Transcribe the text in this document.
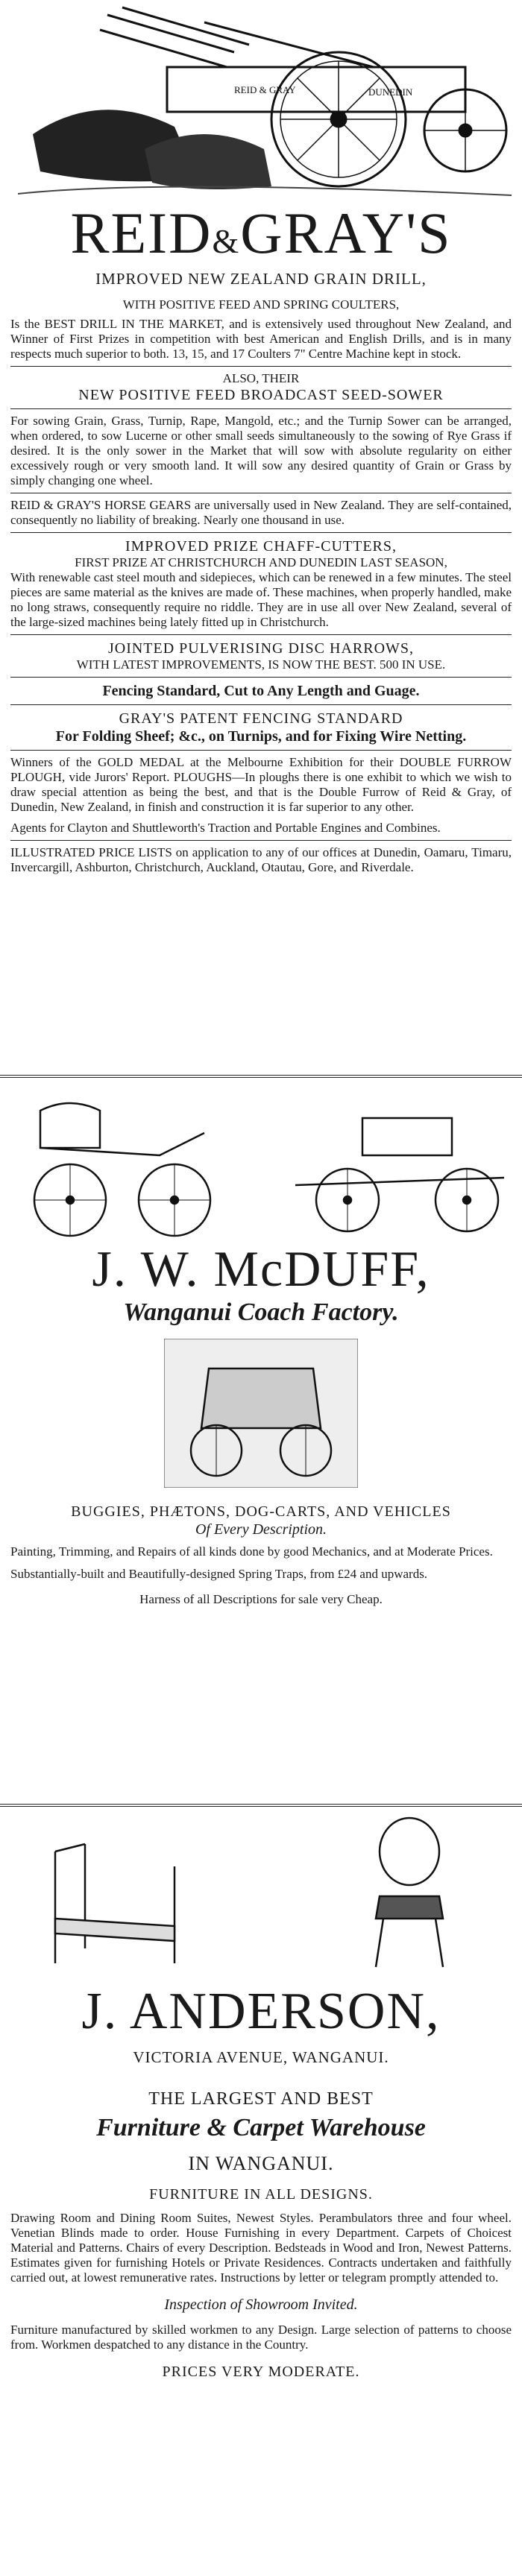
REID & GRAY	DUNEDIN
REID&GRAY'S

IMPROVED NEW ZEALAND GRAIN DRILL,

WITH POSITIVE FEED AND SPRING COULTERS,

Is the BEST DRILL IN THE MARKET, and is extensively used throughout New Zealand, and Winner of First Prizes in competition with best American and English Drills, and is in many respects much superior to both. 13, 15, and 17 Coulters 7" Centre Machine kept in stock.

ALSO, THEIR

NEW POSITIVE FEED BROADCAST SEED-SOWER

For sowing Grain, Grass, Turnip, Rape, Mangold, etc.; and the Turnip Sower can be arranged, when ordered, to sow Lucerne or other small seeds simultaneously to the sowing of Rye Grass if desired. It is the only sower in the Market that will sow with absolute regularity on either excessively rough or very smooth land. It will sow any desired quantity of Grain or Grass by simply changing one wheel.

REID & GRAY'S HORSE GEARS are universally used in New Zealand. They are self-contained, consequently no liability of breaking. Nearly one thousand in use.

IMPROVED PRIZE CHAFF-CUTTERS,

FIRST PRIZE AT CHRISTCHURCH AND DUNEDIN LAST SEASON,

With renewable cast steel mouth and sidepieces, which can be renewed in a few minutes. The steel pieces are same material as the knives are made of. These machines, when properly handled, make no long straws, consequently require no riddle. They are in use all over New Zealand, several of the large-sized machines being lately fitted up in Christchurch.

JOINTED PULVERISING DISC HARROWS,

WITH LATEST IMPROVEMENTS, IS NOW THE BEST. 500 IN USE.

Fencing Standard, Cut to Any Length and Guage.

GRAY'S PATENT FENCING STANDARD

For Folding Sheef; &c., on Turnips, and for Fixing Wire Netting.

Winners of the GOLD MEDAL at the Melbourne Exhibition for their DOUBLE FURROW PLOUGH, vide Jurors' Report. PLOUGHS—In ploughs there is one exhibit to which we wish to draw special attention as being the best, and that is the Double Furrow of Reid & Gray, of Dunedin, New Zealand, in finish and construction it is far superior to any other.

Agents for Clayton and Shuttleworth's Traction and Portable Engines and Combines.

ILLUSTRATED PRICE LISTS on application to any of our offices at Dunedin, Oamaru, Timaru, Invercargill, Ashburton, Christchurch, Auckland, Otautau, Gore, and Riverdale.

J. W. McDUFF,

Wanganui Coach Factory.

BUGGIES, PHÆTONS, DOG-CARTS, AND VEHICLES

Of Every Description.

Painting, Trimming, and Repairs of all kinds done by good Mechanics, and at Moderate Prices.

Substantially-built and Beautifully-designed Spring Traps, from £24 and upwards.

Harness of all Descriptions for sale very Cheap.

J. ANDERSON,

VICTORIA AVENUE, WANGANUI.

THE LARGEST AND BEST

Furniture & Carpet Warehouse

IN WANGANUI.

FURNITURE IN ALL DESIGNS.

Drawing Room and Dining Room Suites, Newest Styles. Perambulators three and four wheel. Venetian Blinds made to order. House Furnishing in every Department. Carpets of Choicest Material and Patterns. Chairs of every Description. Bedsteads in Wood and Iron, Newest Patterns. Estimates given for furnishing Hotels or Private Residences. Contracts undertaken and faithfully carried out, at lowest remunerative rates. Instructions by letter or telegram promptly attended to.

Inspection of Showroom Invited.

Furniture manufactured by skilled workmen to any Design. Large selection of patterns to choose from. Workmen despatched to any distance in the Country.

PRICES VERY MODERATE.
